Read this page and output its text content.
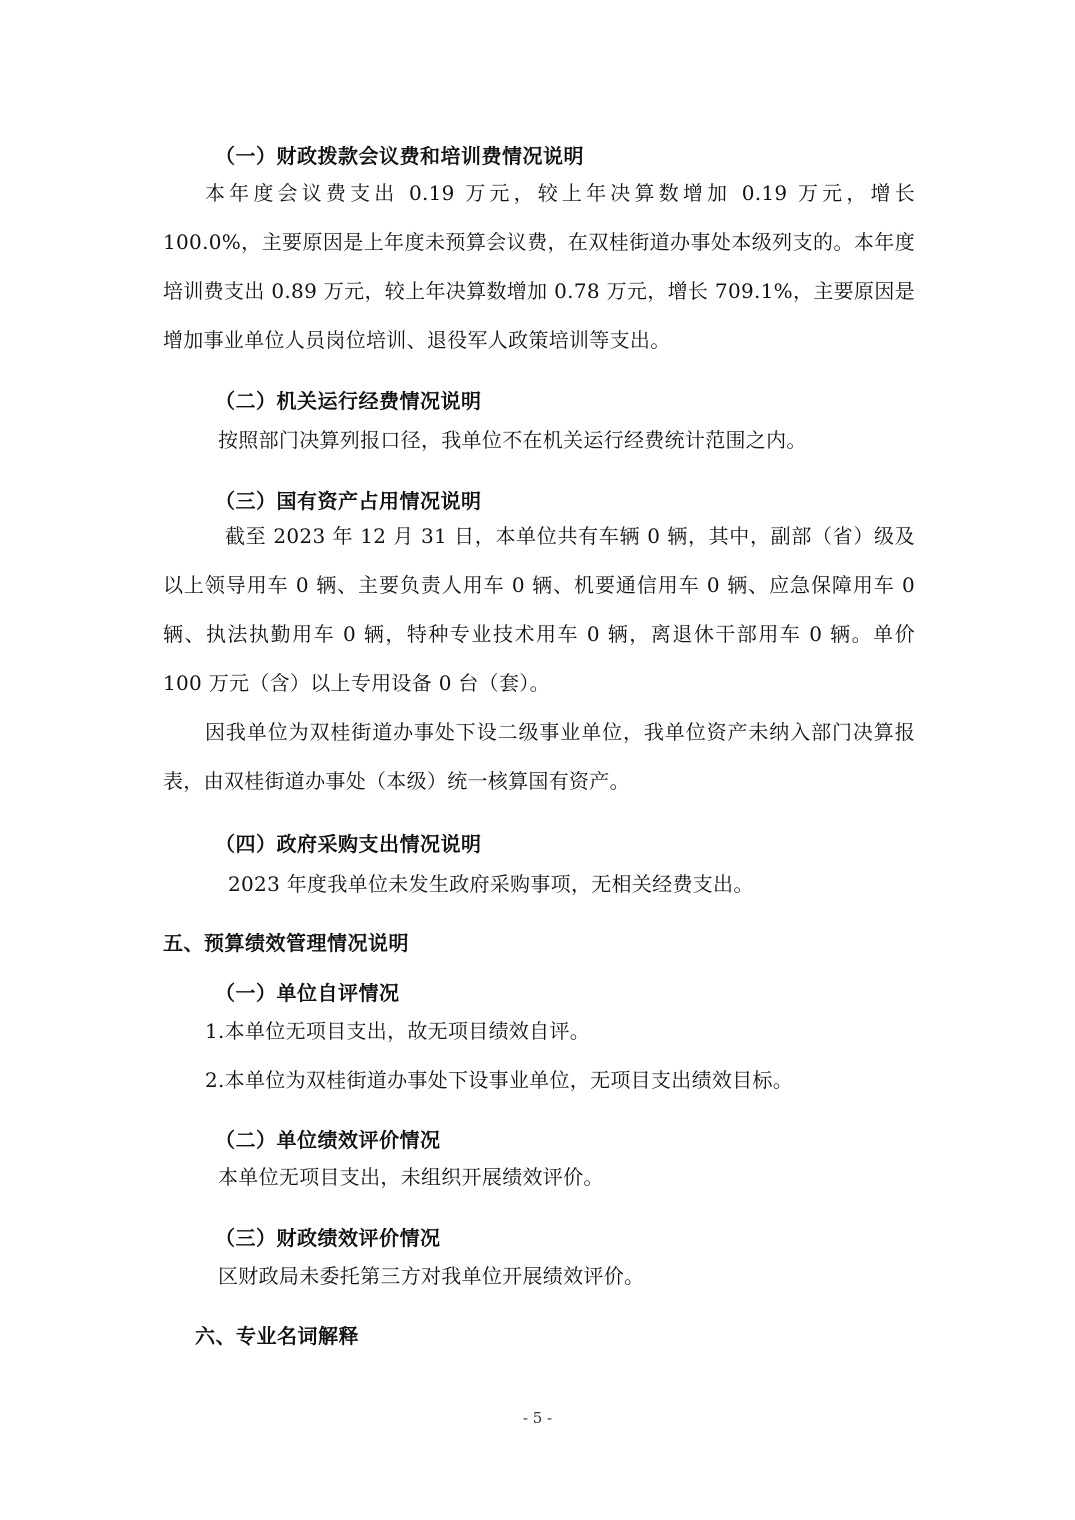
（一）财政拨款会议费和培训费情况说明

本年度会议费支出 0.19 万元，较上年决算数增加 0.19 万元，增长 100.0%，主要原因是上年度未预算会议费，在双桂街道办事处本级列支的。本年度培训费支出 0.89 万元，较上年决算数增加 0.78 万元，增长 709.1%，主要原因是增加事业单位人员岗位培训、退役军人政策培训等支出。

（二）机关运行经费情况说明
按照部门决算列报口径，我单位不在机关运行经费统计范围之内。
（三）国有资产占用情况说明

截至 2023 年 12 月 31 日，本单位共有车辆 0 辆，其中，副部（省）级及以上领导用车 0 辆、主要负责人用车 0 辆、机要通信用车 0 辆、应急保障用车 0 辆、执法执勤用车 0 辆，特种专业技术用车 0 辆，离退休干部用车 0 辆。单价 100 万元（含）以上专用设备 0 台（套）。

因我单位为双桂街道办事处下设二级事业单位，我单位资产未纳入部门决算报表，由双桂街道办事处（本级）统一核算国有资产。

（四）政府采购支出情况说明
2023 年度我单位未发生政府采购事项，无相关经费支出。
五、预算绩效管理情况说明
（一）单位自评情况
1.本单位无项目支出，故无项目绩效自评。
2.本单位为双桂街道办事处下设事业单位，无项目支出绩效目标。
（二）单位绩效评价情况
本单位无项目支出，未组织开展绩效评价。
（三）财政绩效评价情况
区财政局未委托第三方对我单位开展绩效评价。
六、专业名词解释
- 5 -
